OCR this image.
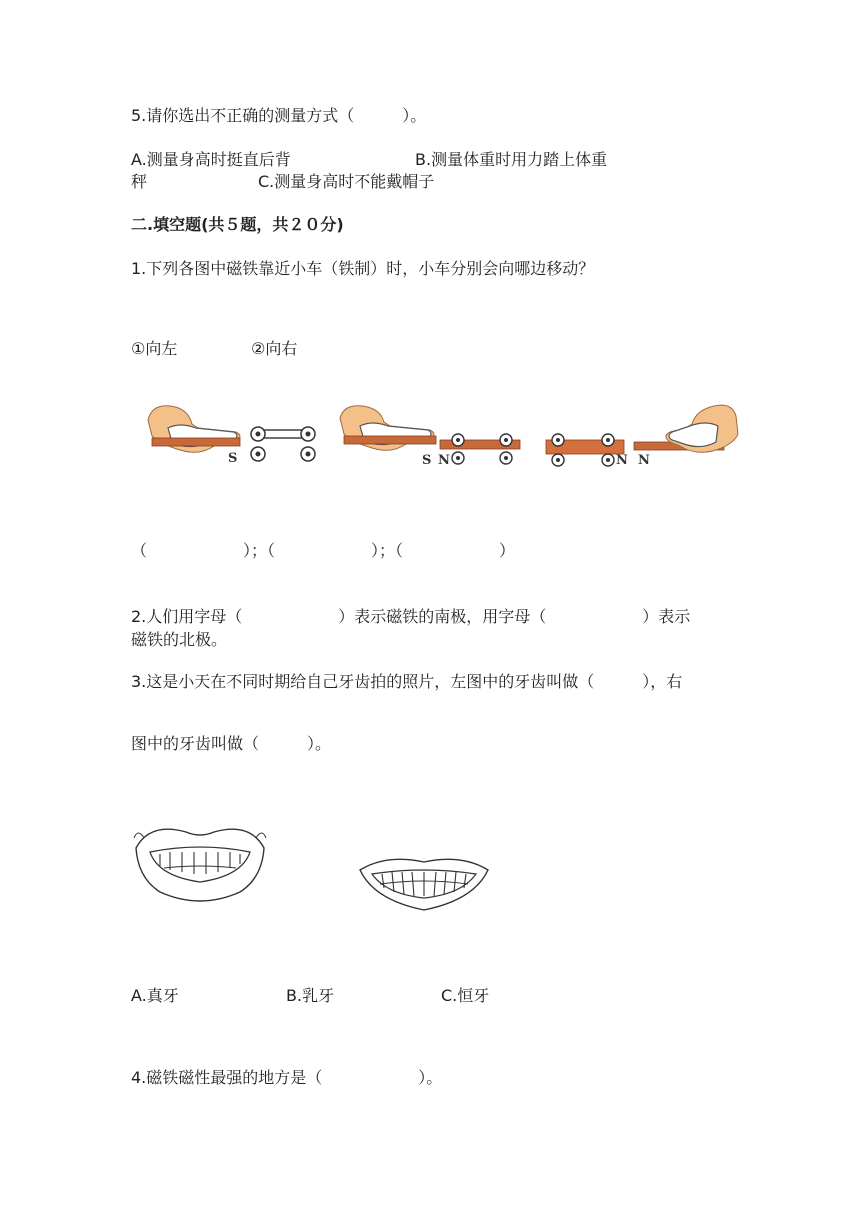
5.请你选出不正确的测量方式（　　　）。
A.测量身高时挺直后背	B.测量体重时用力踏上体重
秤	C.测量身高时不能戴帽子
二.填空题(共５题，共２０分)
1.下列各图中磁铁靠近小车（铁制）时，小车分别会向哪边移动？
①向左	②向右
S	S N	N N
（　　　　　　）；（　　　　　　）；（　　　　　　）
2.人们用字母（　　　　　　）表示磁铁的南极，用字母（　　　　　　）表示
磁铁的北极。
3.这是小天在不同时期给自己牙齿拍的照片，左图中的牙齿叫做（　　　），右
图中的牙齿叫做（　　　）。
A.真牙	B.乳牙	C.恒牙
4.磁铁磁性最强的地方是（　　　　　　）。
